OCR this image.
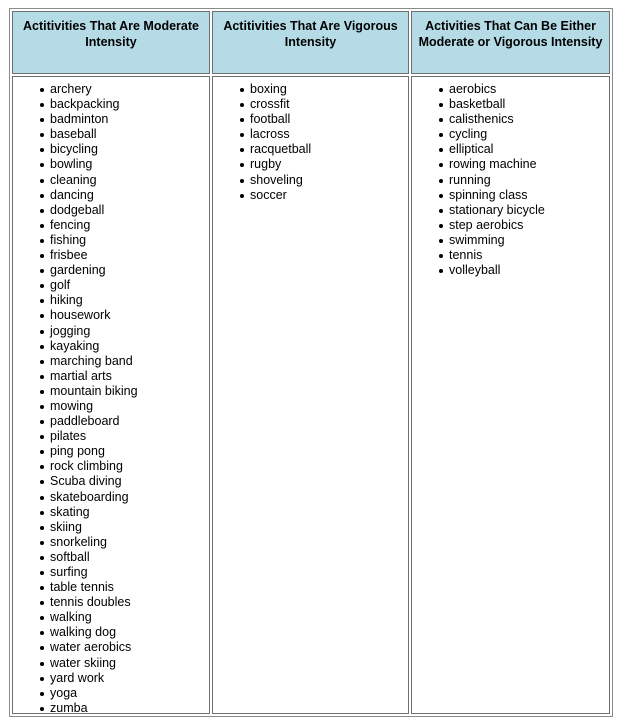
Actitivities That Are Moderate Intensity
Actitivities That Are Vigorous Intensity
Activities That Can Be Either Moderate or Vigorous Intensity
archery
backpacking
badminton
baseball
bicycling
bowling
cleaning
dancing
dodgeball
fencing
fishing
frisbee
gardening
golf
hiking
housework
jogging
kayaking
marching band
martial arts
mountain biking
mowing
paddleboard
pilates
ping pong
rock climbing
Scuba diving
skateboarding
skating
skiing
snorkeling
softball
surfing
table tennis
tennis doubles
walking
walking dog
water aerobics
water skiing
yard work
yoga
zumba
boxing
crossfit
football
lacross
racquetball
rugby
shoveling
soccer
aerobics
basketball
calisthenics
cycling
elliptical
rowing machine
running
spinning class
stationary bicycle
step aerobics
swimming
tennis
volleyball
